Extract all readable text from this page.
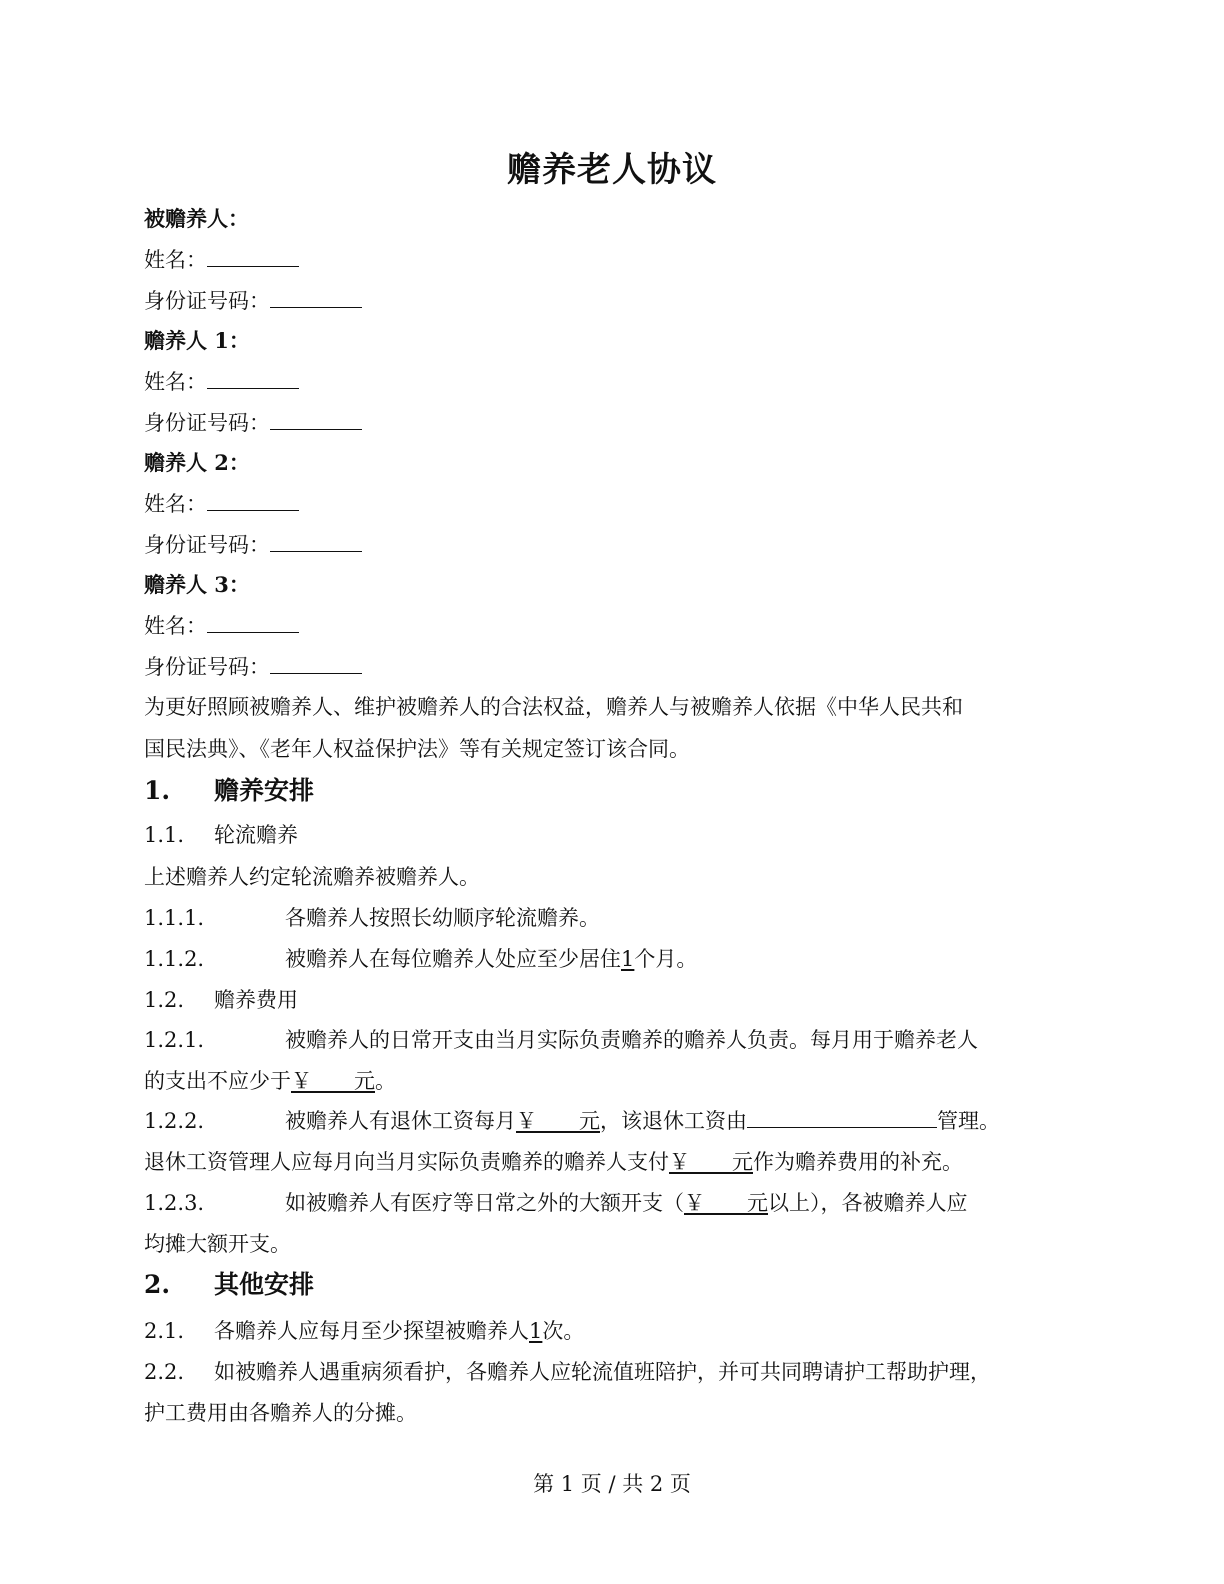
赡养老人协议
被赡养人：
姓名：
身份证号码：
赡养人 1：
姓名：
身份证号码：
赡养人 2：
姓名：
身份证号码：
赡养人 3：
姓名：
身份证号码：
为更好照顾被赡养人、维护被赡养人的合法权益，赡养人与被赡养人依据《中华人民共和
国民法典》、《老年人权益保护法》等有关规定签订该合同。
1. 赡养安排
1.1. 轮流赡养
上述赡养人约定轮流赡养被赡养人。
1.1.1.	各赡养人按照长幼顺序轮流赡养。
1.1.2.	被赡养人在每位赡养人处应至少居住1个月。
1.2. 赡养费用
1.2.1.	被赡养人的日常开支由当月实际负责赡养的赡养人负责。每月用于赡养老人
的支出不应少于￥　　元。
1.2.2.	被赡养人有退休工资每月￥　　元，该退休工资由	管理。
退休工资管理人应每月向当月实际负责赡养的赡养人支付￥　　元作为赡养费用的补充。
1.2.3.	如被赡养人有医疗等日常之外的大额开支（￥　　元以上），各被赡养人应
均摊大额开支。
2. 其他安排
2.1. 各赡养人应每月至少探望被赡养人1次。
2.2. 如被赡养人遇重病须看护，各赡养人应轮流值班陪护，并可共同聘请护工帮助护理，
护工费用由各赡养人的分摊。
第 1 页 / 共 2 页
